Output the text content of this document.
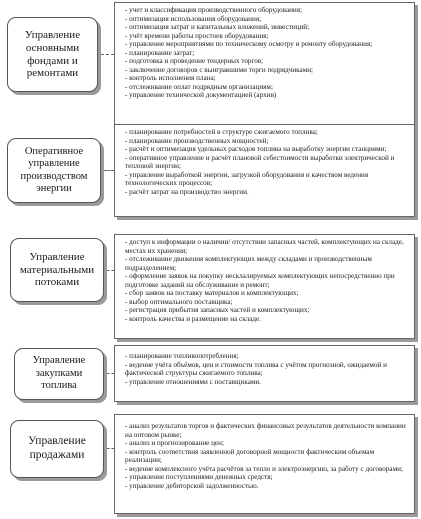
Управление основными фондами и ремонтами
- учет и классификация производственного оборудования;
- оптимизация использования оборудования;
- оптимизация затрат и капитальных вложений, инвестиций;
- учёт времени работы простоев оборудования;
- управление мероприятиями по техническому осмотру и ремонту оборудования;
- планирование затрат;
- подготовка и проведение тендерных торгов;
- заключение договоров с выигравшими торги подрядчиками;
- контроль исполнения плана;
- отслеживание оплат подрядным организациям;
- управление технической документацией (архив)
Оперативное управление производством энергии
- планирование потребностей в структуре сжигаемого топлива;
- планирование производственных мощностей;
- расчёт и оптимизация удельных расходов топлива на выработку энергии станциями;
- оперативное управление и расчёт плановой себестоимости выработки электрической и тепловой энергии;
- управление выработкой энергии, загрузкой оборудования и качеством ведения технологических процессов;
- расчёт затрат на производство энергии.
Управление материальными потоками
- доступ к информации о наличии/ отсутствии запасных частей, комплектующих на складе, местах их хранения;
- отслеживание движения комплектующих между складами и производственным подразделением;
- оформление заявок на покупку несклалируемых комплектующих непосредственно при подготовке заданий на обслуживание и ремонт;
- сбор заявок на поставку материалов и комплектующих;
- выбор оптимального поставщика;
- регистрация прибытия запасных частей и комплектующих;
- контроль качества и размещение на складе.
Управление закупками топлива
- планирование топливопотребления;
- ведение учёта объёмов, цен и стоимости топлива с учётом прогнозной, ожидаемой и фактической структуры сжигаемого топлива;
- управление отношениями с поставщиками.
Управление продажами
- анализ результатов торгов и фактических финансовых результатов деятельности компании на оптовом рынке;
- анализ и прогнозирование цен;
- контроль соответствия заявленной договорной мощности фактическим объемам реализации;
- ведение комплексного учёта расчётов за тепло и электроэнергию, за работу с договорами;
- управление поступлениями денежных средств;
- управление дебиторской задолженностью.
